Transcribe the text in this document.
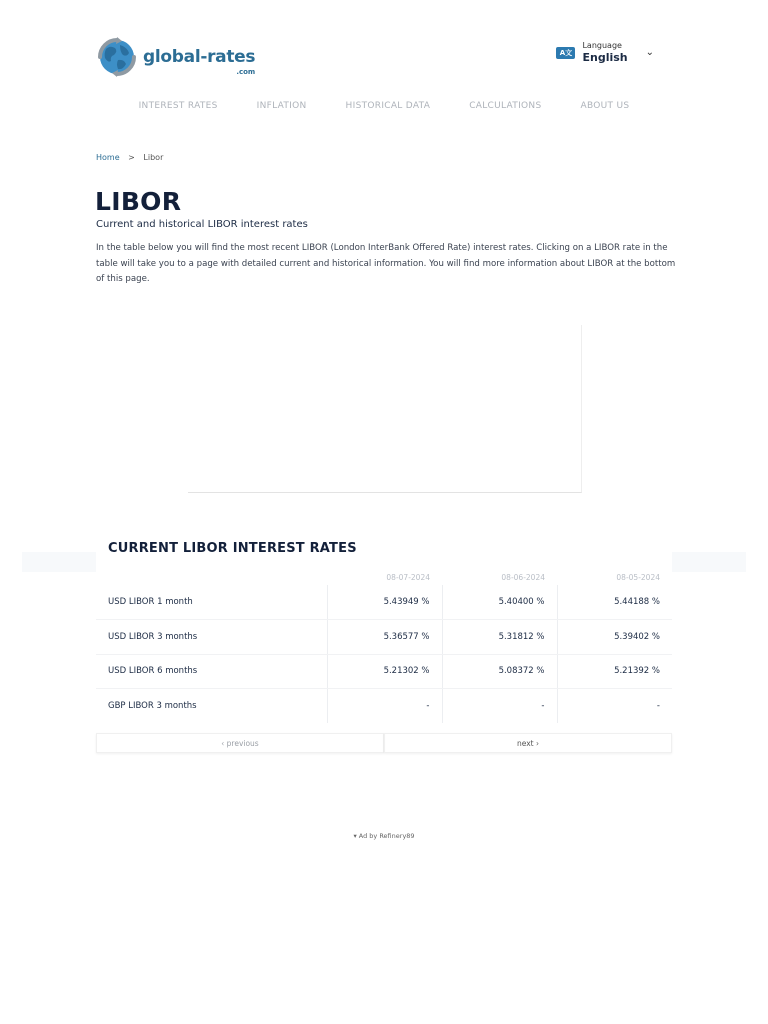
global-rates
.com
A文
Language
English ⌄
INTEREST RATES	INFLATION	HISTORICAL DATA	CALCULATIONS	ABOUT US
Home > Libor
LIBOR
Current and historical LIBOR interest rates

In the table below you will find the most recent LIBOR (London InterBank Offered Rate) interest rates. Clicking on a LIBOR rate in the table will take you to a page with detailed current and historical information. You will find more information about LIBOR at the bottom of this page.

CURRENT LIBOR INTEREST RATES
	08-07-2024	08-06-2024	08-05-2024
USD LIBOR 1 month	5.43949 %	5.40400 %	5.44188 %
USD LIBOR 3 months	5.36577 %	5.31812 %	5.39402 %
USD LIBOR 6 months	5.21302 %	5.08372 %	5.21392 %
GBP LIBOR 3 months	-	-	-
‹ previous	next ›
▾ Ad by Refinery89
